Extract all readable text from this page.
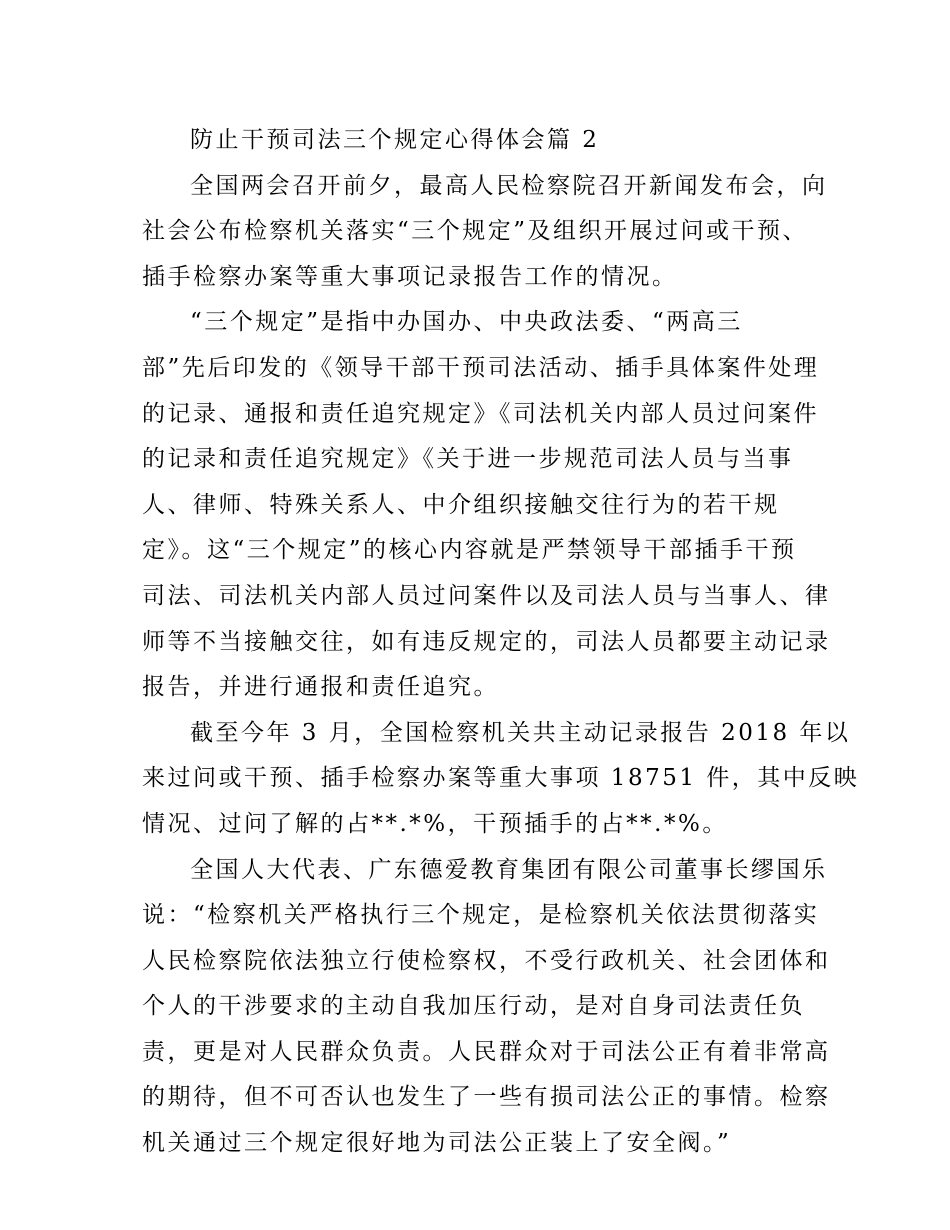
防止干预司法三个规定心得体会篇 2
全国两会召开前夕，最高人民检察院召开新闻发布会，向
社会公布检察机关落实“三个规定”及组织开展过问或干预、
插手检察办案等重大事项记录报告工作的情况。
“三个规定”是指中办国办、中央政法委、“两高三
部”先后印发的《领导干部干预司法活动、插手具体案件处理
的记录、通报和责任追究规定》《司法机关内部人员过问案件
的记录和责任追究规定》《关于进一步规范司法人员与当事
人、律师、特殊关系人、中介组织接触交往行为的若干规
定》。这“三个规定”的核心内容就是严禁领导干部插手干预
司法、司法机关内部人员过问案件以及司法人员与当事人、律
师等不当接触交往，如有违反规定的，司法人员都要主动记录
报告，并进行通报和责任追究。
截至今年 3 月，全国检察机关共主动记录报告 2018 年以
来过问或干预、插手检察办案等重大事项 18751 件，其中反映
情况、过问了解的占**.*%，干预插手的占**.*%。
全国人大代表、广东德爱教育集团有限公司董事长缪国乐
说：“检察机关严格执行三个规定，是检察机关依法贯彻落实
人民检察院依法独立行使检察权，不受行政机关、社会团体和
个人的干涉要求的主动自我加压行动，是对自身司法责任负
责，更是对人民群众负责。人民群众对于司法公正有着非常高
的期待，但不可否认也发生了一些有损司法公正的事情。检察
机关通过三个规定很好地为司法公正装上了安全阀。”
